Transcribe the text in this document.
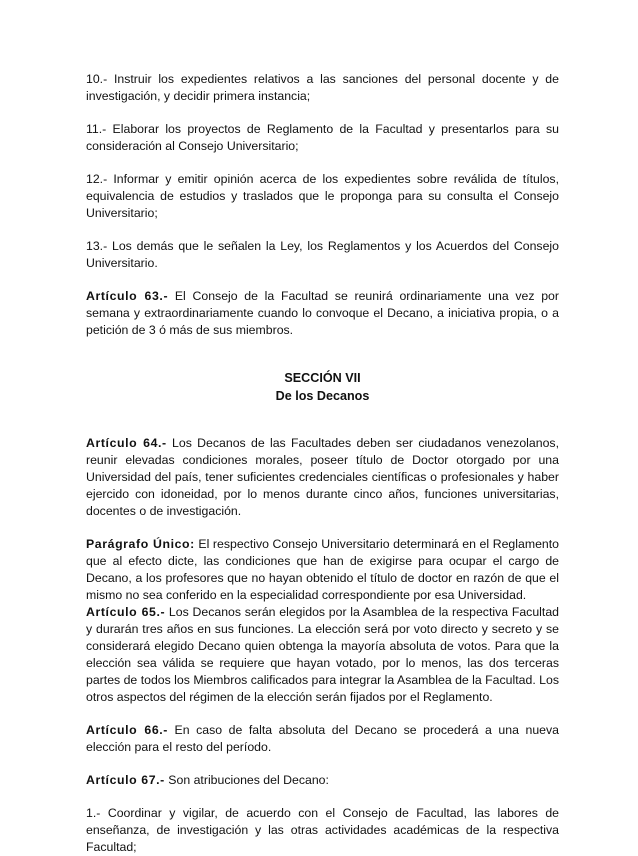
10.- Instruir los expedientes relativos a las sanciones del personal docente y de investigación, y decidir primera instancia;

11.- Elaborar los proyectos de Reglamento de la Facultad y presentarlos para su consideración al Consejo Universitario;

12.- Informar y emitir opinión acerca de los expedientes sobre reválida de títulos, equivalencia de estudios y traslados que le proponga para su consulta el Consejo Universitario;

13.- Los demás que le señalen la Ley, los Reglamentos y los Acuerdos del Consejo Universitario.

Artículo 63.- El Consejo de la Facultad se reunirá ordinariamente una vez por semana y extraordinariamente cuando lo convoque el Decano, a iniciativa propia, o a petición de 3 ó más de sus miembros.

SECCIÓN VII
De los Decanos

Artículo 64.- Los Decanos de las Facultades deben ser ciudadanos venezolanos, reunir elevadas condiciones morales, poseer título de Doctor otorgado por una Universidad del país, tener suficientes credenciales científicas o profesionales y haber ejercido con idoneidad, por lo menos durante cinco años, funciones universitarias, docentes o de investigación.

Parágrafo Único: El respectivo Consejo Universitario determinará en el Reglamento que al efecto dicte, las condiciones que han de exigirse para ocupar el cargo de Decano, a los profesores que no hayan obtenido el título de doctor en razón de que el mismo no sea conferido en la especialidad correspondiente por esa Universidad.

Artículo 65.- Los Decanos serán elegidos por la Asamblea de la respectiva Facultad y durarán tres años en sus funciones. La elección será por voto directo y secreto y se considerará elegido Decano quien obtenga la mayoría absoluta de votos. Para que la elección sea válida se requiere que hayan votado, por lo menos, las dos terceras partes de todos los Miembros calificados para integrar la Asamblea de la Facultad. Los otros aspectos del régimen de la elección serán fijados por el Reglamento.

Artículo 66.- En caso de falta absoluta del Decano se procederá a una nueva elección para el resto del período.

Artículo 67.- Son atribuciones del Decano:

1.- Coordinar y vigilar, de acuerdo con el Consejo de Facultad, las labores de enseñanza, de investigación y las otras actividades académicas de la respectiva Facultad;
